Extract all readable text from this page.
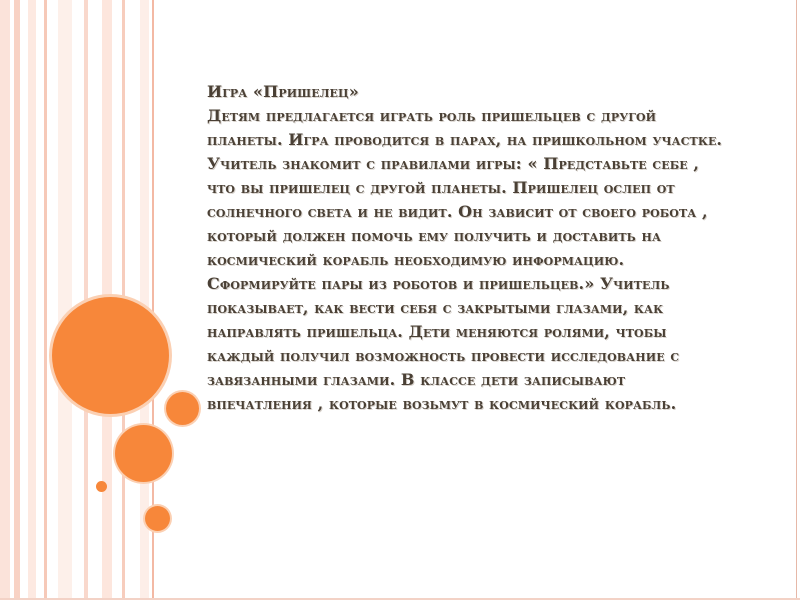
Игра «Пришелец»
Детям предлагается играть роль пришельцев с другой планеты. Игра проводится в парах, на пришкольном участке. Учитель знакомит с правилами игры: « Представьте себе , что вы пришелец с другой планеты. Пришелец ослеп от солнечного света и не видит. Он зависит от своего робота , который должен помочь ему получить и доставить на космический корабль необходимую информацию. Сформируйте пары из роботов и пришельцев.» Учитель показывает, как вести себя с закрытыми глазами, как направлять пришельца. Дети меняются ролями, чтобы каждый получил возможность провести исследование с завязанными глазами. В классе дети записывают впечатления , которые возьмут в космический корабль.
